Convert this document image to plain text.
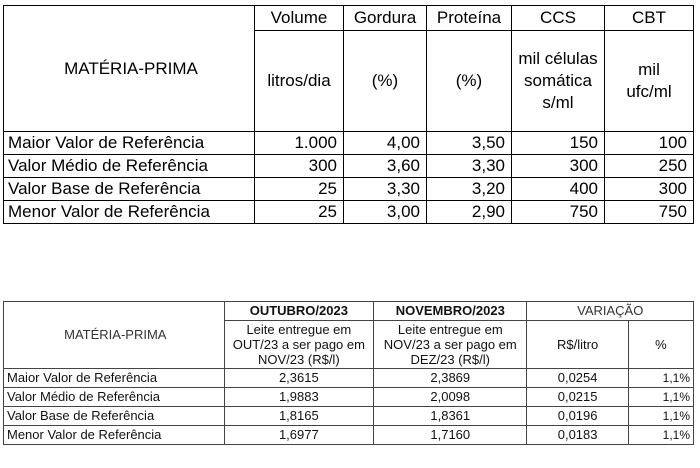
MATÉRIA-PRIMA	Volume	Gordura	Proteína	CCS	CBT
	litros/dia	(%)	(%)	mil células somática s/ml	mil ufc/ml
Maior Valor de Referência	1.000	4,00	3,50	150	100
Valor Médio de Referência	300	3,60	3,30	300	250
Valor Base de Referência	25	3,30	3,20	400	300
Menor Valor de Referência	25	3,00	2,90	750	750
MATÉRIA-PRIMA	OUTUBRO/2023	NOVEMBRO/2023	VARIAÇÃO	
	Leite entregue em OUT/23 a ser pago em NOV/23 (R$/l)	Leite entregue em NOV/23 a ser pago em DEZ/23 (R$/l)	R$/litro	%
Maior Valor de Referência	2,3615	2,3869	0,0254	1,1%
Valor Médio de Referência	1,9883	2,0098	0,0215	1,1%
Valor Base de Referência	1,8165	1,8361	0,0196	1,1%
Menor Valor de Referência	1,6977	1,7160	0,0183	1,1%
